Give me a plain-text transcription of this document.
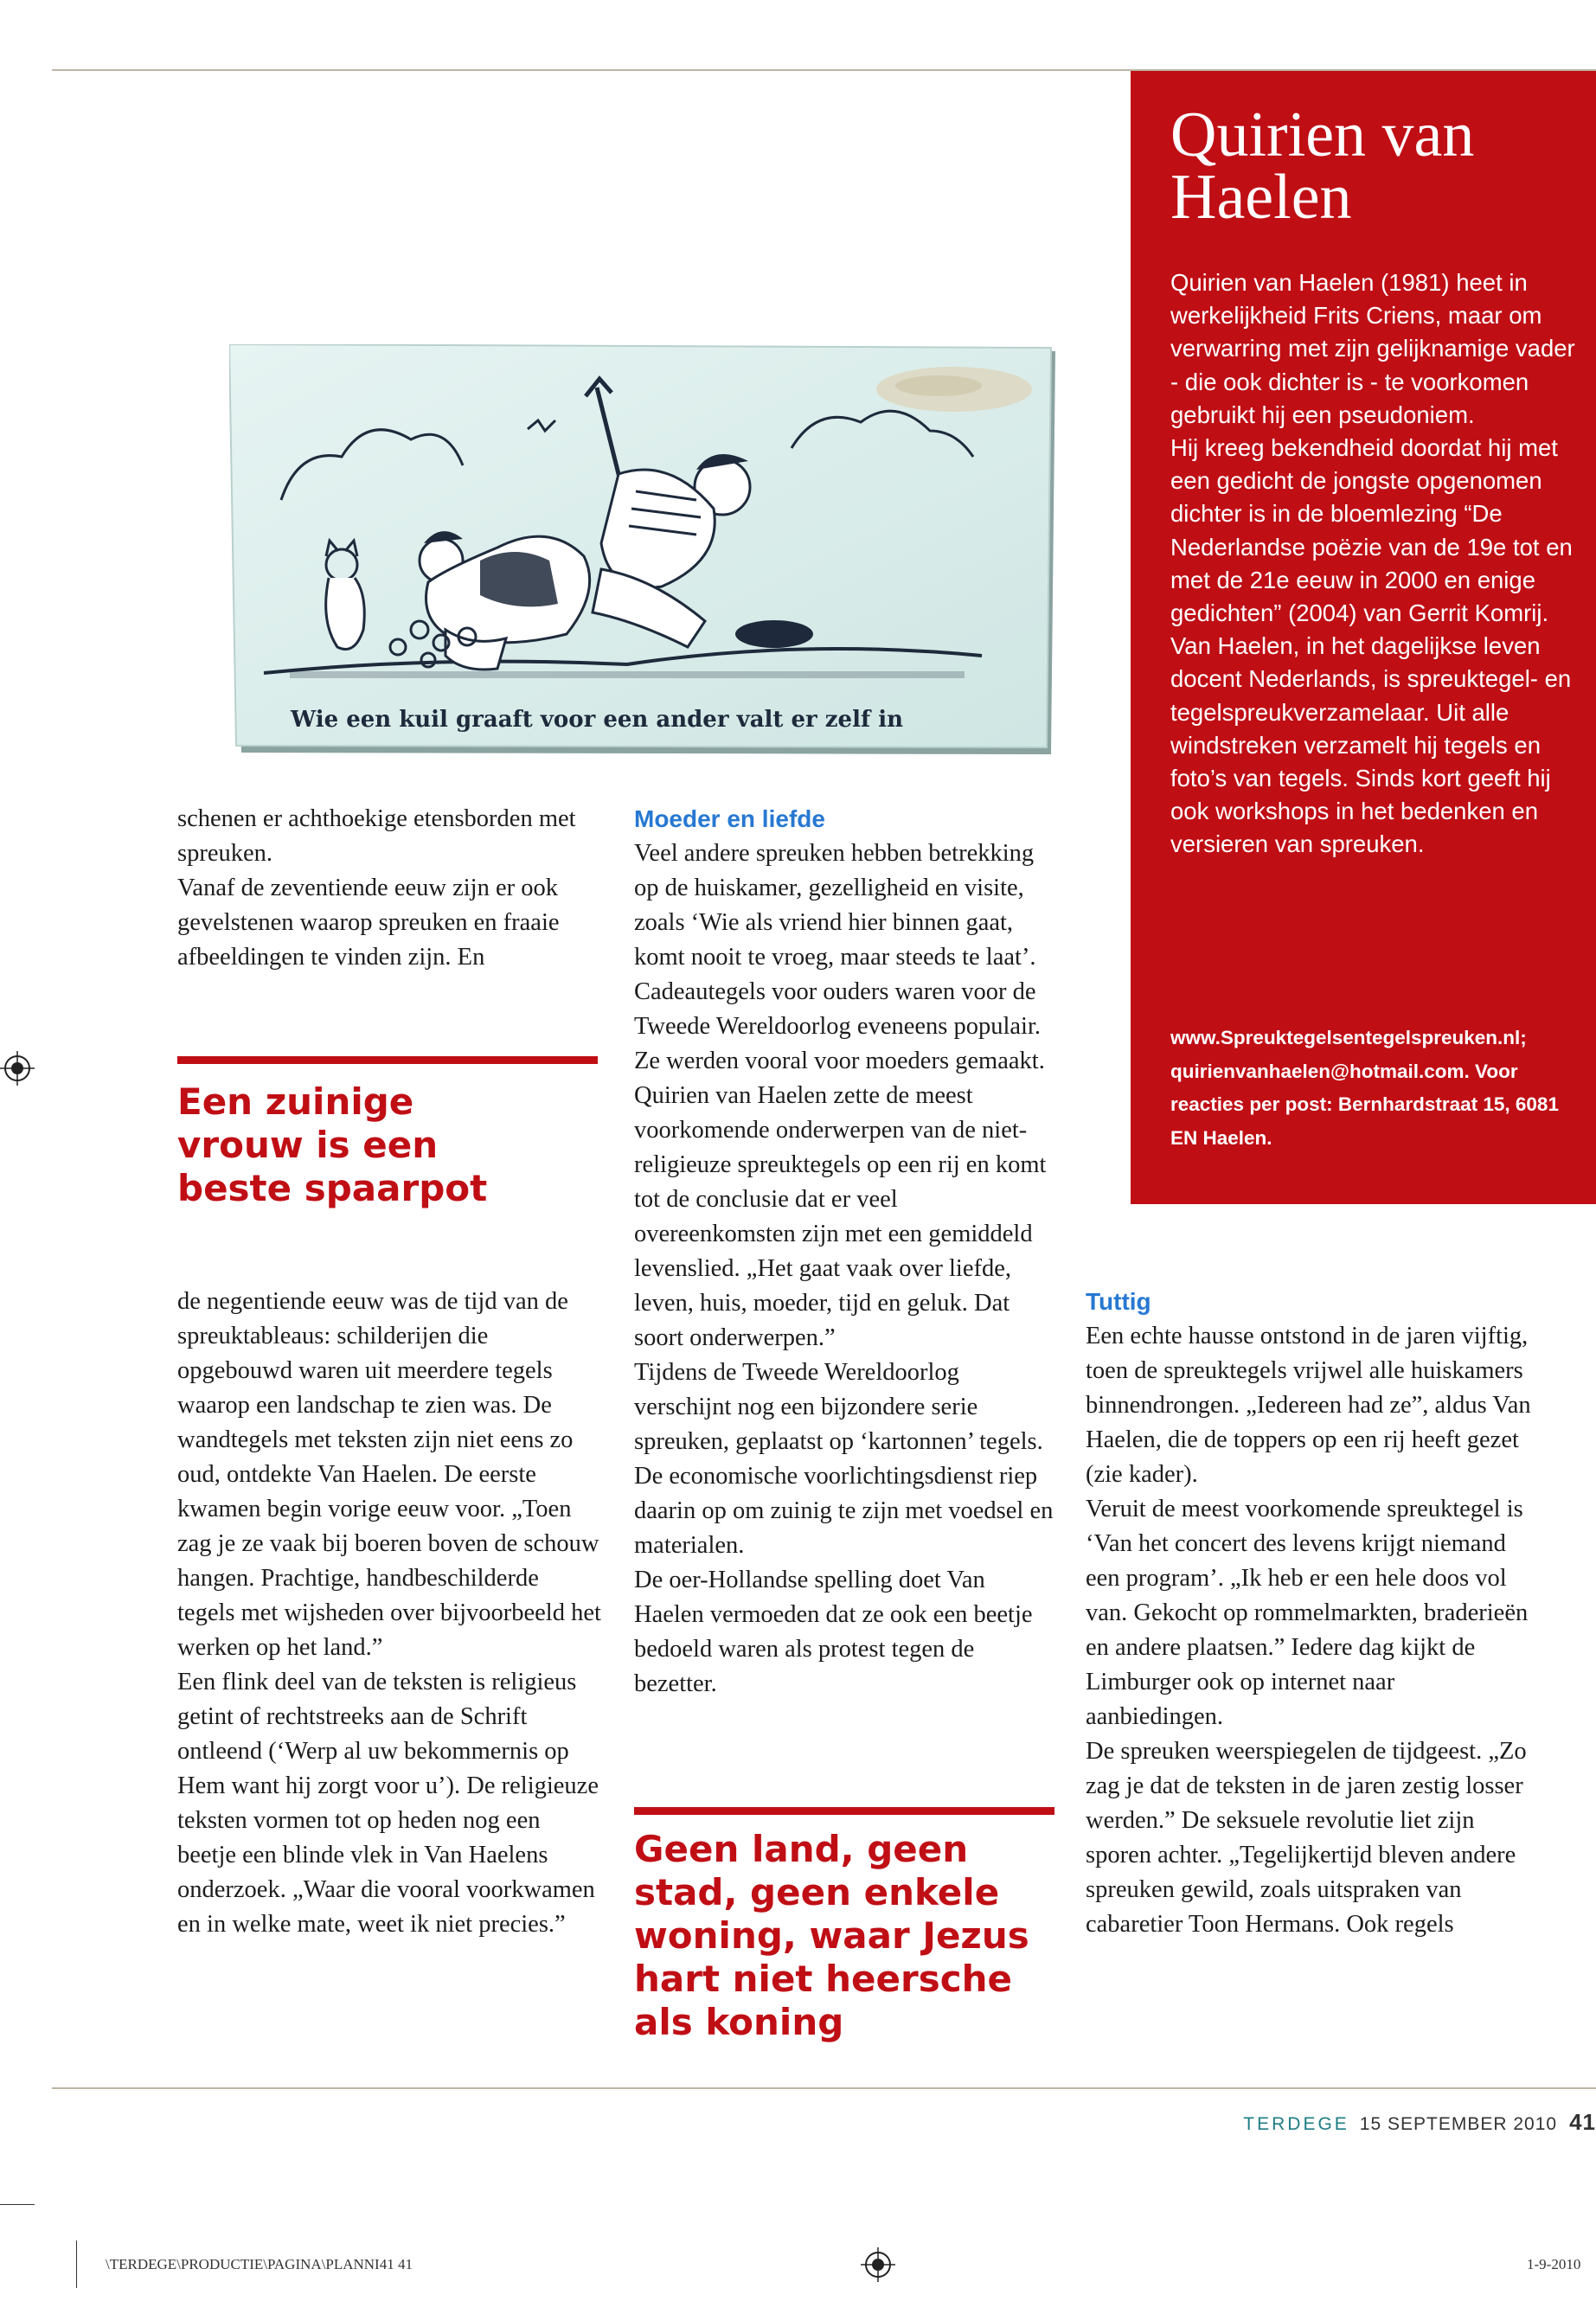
Quirien van Haelen

Quirien van Haelen (1981) heet in werkelijkheid Frits Criens, maar om verwarring met zijn gelijknamige vader - die ook dichter is - te voorkomen gebruikt hij een pseudoniem.

Hij kreeg bekendheid doordat hij met een gedicht de jongste opgenomen dichter is in de bloemlezing “De Nederlandse poëzie van de 19e tot en met de 21e eeuw in 2000 en enige gedichten” (2004) van Gerrit Komrij.

Van Haelen, in het dagelijkse leven docent Nederlands, is spreuktegel- en tegelspreukverzamelaar. Uit alle windstreken verzamelt hij tegels en foto’s van tegels. Sinds kort geeft hij ook workshops in het bedenken en versieren van spreuken.

www.Spreuktegelsentegelspreuken.nl; quirienvanhaelen@hotmail.com. Voor reacties per post: Bernhardstraat 15, 6081 EN Haelen.
Wie een kuil graaft voor een ander valt er zelf in

schenen er achthoekige etensborden met spreuken.

Vanaf de zeventiende eeuw zijn er ook gevelstenen waarop spreuken en fraaie afbeeldingen te vinden zijn. En

Een zuinige vrouw is een beste spaarpot

de negentiende eeuw was de tijd van de spreuktableaus: schilderijen die opgebouwd waren uit meerdere tegels waarop een landschap te zien was. De wandtegels met teksten zijn niet eens zo oud, ontdekte Van Haelen. De eerste kwamen begin vorige eeuw voor. „Toen zag je ze vaak bij boeren boven de schouw hangen. Prachtige, handbeschilderde tegels met wijsheden over bijvoorbeeld het werken op het land.”

Een flink deel van de teksten is religieus getint of rechtstreeks aan de Schrift ontleend (‘Werp al uw bekommernis op Hem want hij zorgt voor u’). De religieuze teksten vormen tot op heden nog een beetje een blinde vlek in Van Haelens onderzoek. „Waar die vooral voorkwamen en in welke mate, weet ik niet precies.”

Moeder en liefde

Veel andere spreuken hebben betrekking op de huiskamer, gezelligheid en visite, zoals ‘Wie als vriend hier binnen gaat, komt nooit te vroeg, maar steeds te laat’. Cadeautegels voor ouders waren voor de Tweede Wereldoorlog eveneens populair. Ze werden vooral voor moeders gemaakt. Quirien van Haelen zette de meest voorkomende onderwerpen van de niet-religieuze spreuktegels op een rij en komt tot de conclusie dat er veel overeenkomsten zijn met een gemiddeld levenslied. „Het gaat vaak over liefde, leven, huis, moeder, tijd en geluk. Dat soort onderwerpen.”

Tijdens de Tweede Wereldoorlog verschijnt nog een bijzondere serie spreuken, geplaatst op ‘kartonnen’ tegels. De economische voorlichtingsdienst riep daarin op om zuinig te zijn met voedsel en materialen.

De oer-Hollandse spelling doet Van Haelen vermoeden dat ze ook een beetje bedoeld waren als protest tegen de bezetter.

Geen land, geen stad, geen enkele woning, waar Jezus hart niet heersche als koning
Tuttig

Een echte hausse ontstond in de jaren vijftig, toen de spreuktegels vrijwel alle huiskamers binnendrongen. „Iedereen had ze”, aldus Van Haelen, die de toppers op een rij heeft gezet (zie kader).

Veruit de meest voorkomende spreuktegel is ‘Van het concert des levens krijgt niemand een program’. „Ik heb er een hele doos vol van. Gekocht op rommelmarkten, braderieën en andere plaatsen.” Iedere dag kijkt de Limburger ook op internet naar aanbiedingen.

De spreuken weerspiegelen de tijdgeest. „Zo zag je dat de teksten in de jaren zestig losser werden.” De seksuele revolutie liet zijn sporen achter. „Tegelijkertijd bleven andere spreuken gewild, zoals uitspraken van cabaretier Toon Hermans. Ook regels

TERDEGE 15 SEPTEMBER 2010 41
\TERDEGE\PRODUCTIE\PAGINA\PLANNI41 41	1-9-2010
